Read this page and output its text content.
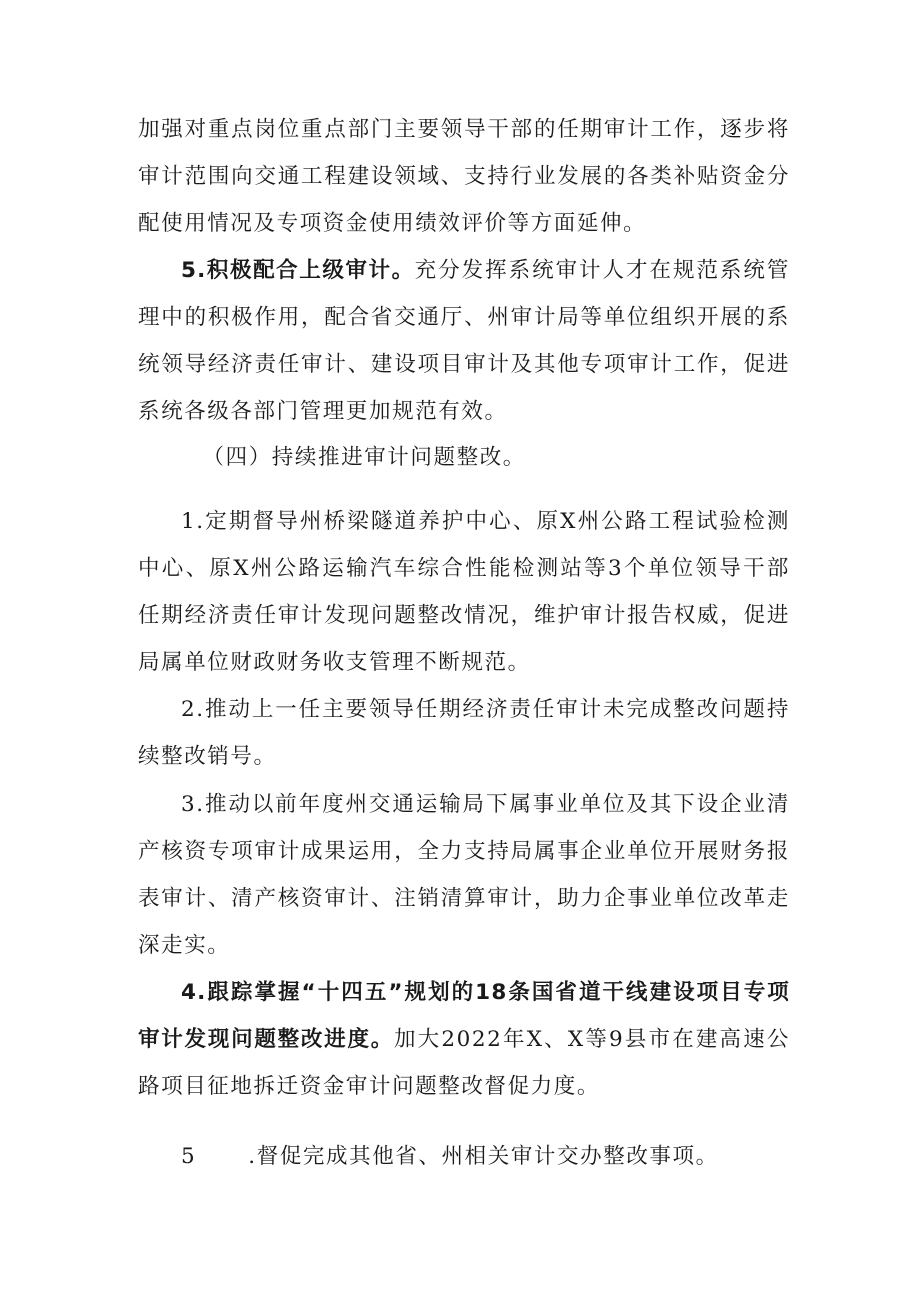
加强对重点岗位重点部门主要领导干部的任期审计工作，逐步将审计范围向交通工程建设领域、支持行业发展的各类补贴资金分配使用情况及专项资金使用绩效评价等方面延伸。

5.积极配合上级审计。充分发挥系统审计人才在规范系统管理中的积极作用，配合省交通厅、州审计局等单位组织开展的系统领导经济责任审计、建设项目审计及其他专项审计工作，促进系统各级各部门管理更加规范有效。

（四）持续推进审计问题整改。

1.定期督导州桥梁隧道养护中心、原X州公路工程试验检测中心、原X州公路运输汽车综合性能检测站等3个单位领导干部任期经济责任审计发现问题整改情况，维护审计报告权威，促进局属单位财政财务收支管理不断规范。

2.推动上一任主要领导任期经济责任审计未完成整改问题持续整改销号。

3.推动以前年度州交通运输局下属事业单位及其下设企业清产核资专项审计成果运用，全力支持局属事企业单位开展财务报表审计、清产核资审计、注销清算审计，助力企事业单位改革走深走实。

4.跟踪掌握“十四五”规划的18条国省道干线建设项目专项审计发现问题整改进度。加大2022年X、X等9县市在建高速公路项目征地拆迁资金审计问题整改督促力度。

5 .督促完成其他省、州相关审计交办整改事项。
